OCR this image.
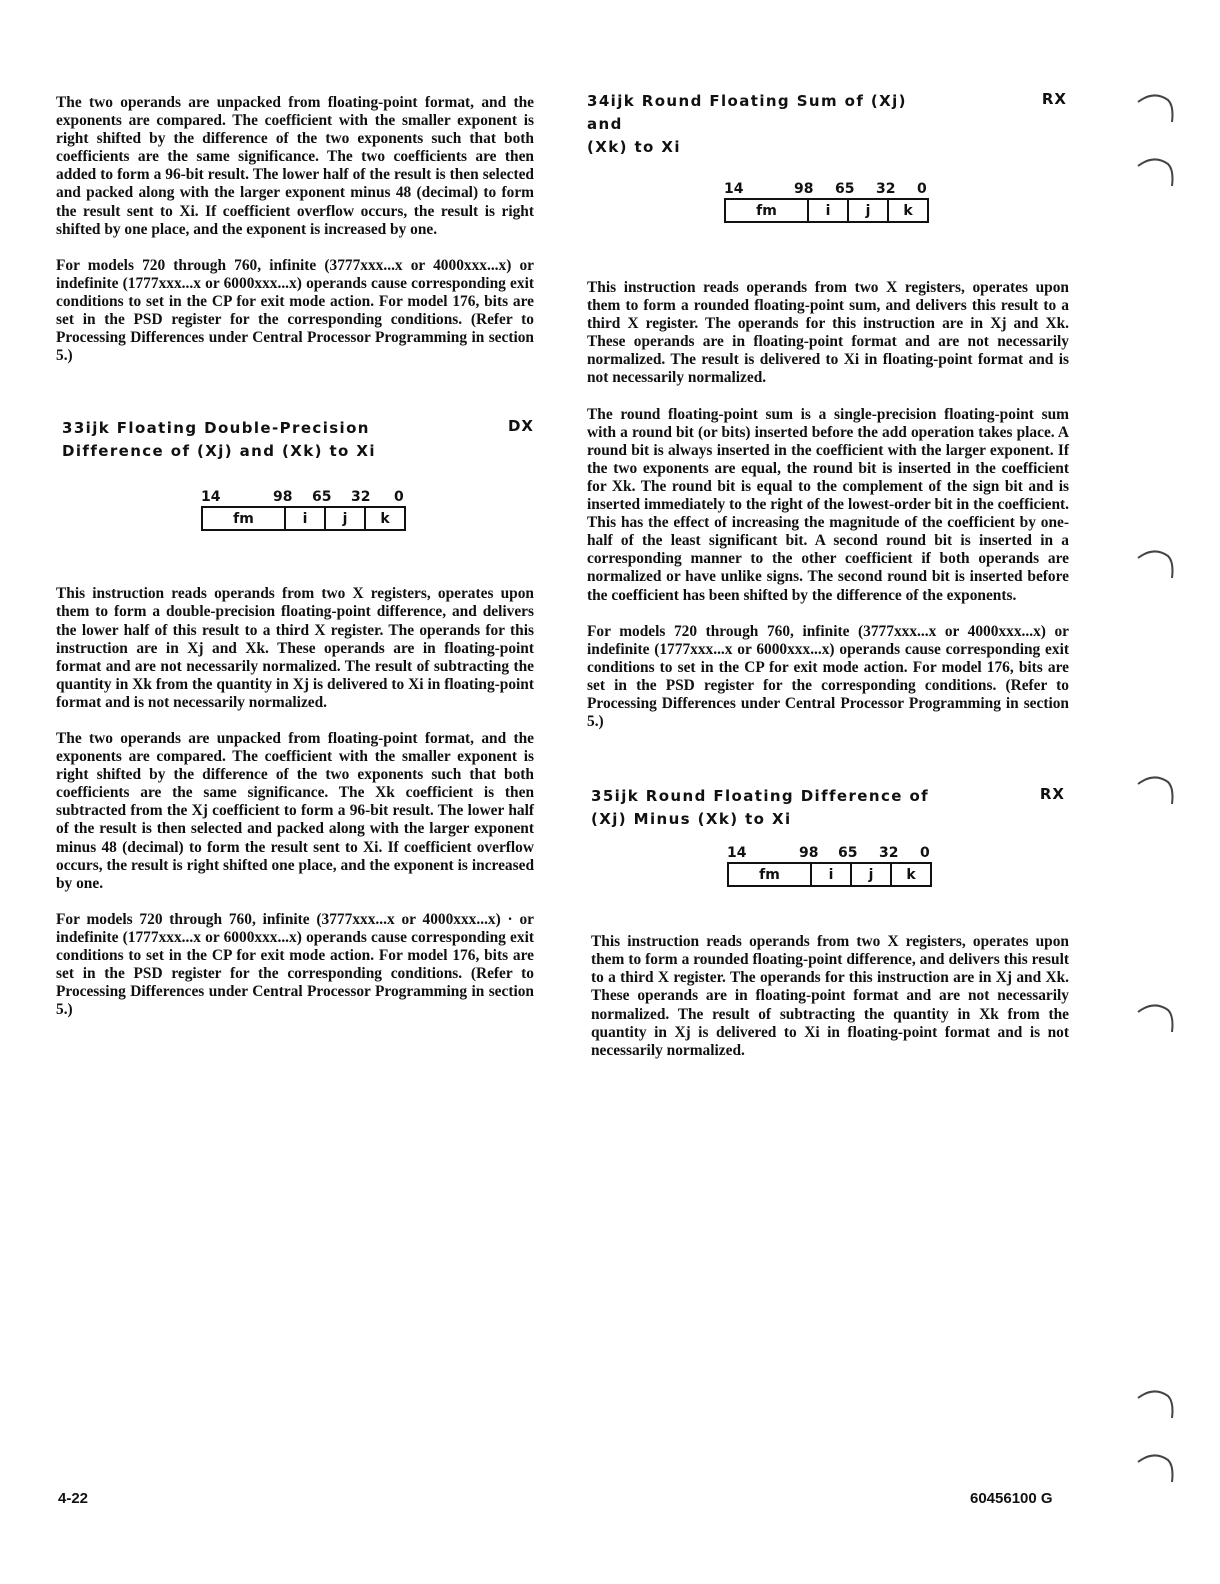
The two operands are unpacked from floating-point format, and the exponents are compared. The coefficient with the smaller exponent is right shifted by the difference of the two exponents such that both coefficients are the same significance. The two coefficients are then added to form a 96-bit result. The lower half of the result is then selected and packed along with the larger exponent minus 48 (decimal) to form the result sent to Xi. If coefficient overflow occurs, the result is right shifted by one place, and the exponent is increased by one.

For models 720 through 760, infinite (3777xxx...x or 4000xxx...x) or indefinite (1777xxx...x or 6000xxx...x) operands cause corresponding exit conditions to set in the CP for exit mode action. For model 176, bits are set in the PSD register for the corresponding conditions. (Refer to Processing Differences under Central Processor Programming in section 5.)

33ijk Floating Double-Precision
Difference of (Xj) and (Xk) to Xi
DX
14	98 65 32 0
fm	i	j	k

This instruction reads operands from two X registers, operates upon them to form a double-precision floating-point difference, and delivers the lower half of this result to a third X register. The operands for this instruction are in Xj and Xk. These operands are in floating-point format and are not necessarily normalized. The result of subtracting the quantity in Xk from the quantity in Xj is delivered to Xi in floating-point format and is not necessarily normalized.

The two operands are unpacked from floating-point format, and the exponents are compared. The coefficient with the smaller exponent is right shifted by the difference of the two exponents such that both coefficients are the same significance. The Xk coefficient is then subtracted from the Xj coefficient to form a 96-bit result. The lower half of the result is then selected and packed along with the larger exponent minus 48 (decimal) to form the result sent to Xi. If coefficient overflow occurs, the result is right shifted one place, and the exponent is increased by one.

For models 720 through 760, infinite (3777xxx...x or 4000xxx...x) · or indefinite (1777xxx...x or 6000xxx...x) operands cause corresponding exit conditions to set in the CP for exit mode action. For model 176, bits are set in the PSD register for the corresponding conditions. (Refer to Processing Differences under Central Processor Programming in section 5.)

34ijk Round Floating Sum of (Xj) and
(Xk) to Xi
RX
14	98 65 32 0
fm	i	j	k

This instruction reads operands from two X registers, operates upon them to form a rounded floating-point sum, and delivers this result to a third X register. The operands for this instruction are in Xj and Xk. These operands are in floating-point format and are not necessarily normalized. The result is delivered to Xi in floating-point format and is not necessarily normalized.

The round floating-point sum is a single-precision floating-point sum with a round bit (or bits) inserted before the add operation takes place. A round bit is always inserted in the coefficient with the larger exponent. If the two exponents are equal, the round bit is inserted in the coefficient for Xk. The round bit is equal to the complement of the sign bit and is inserted immediately to the right of the lowest-order bit in the coefficient. This has the effect of increasing the magnitude of the coefficient by one-half of the least significant bit. A second round bit is inserted in a corresponding manner to the other coefficient if both operands are normalized or have unlike signs. The second round bit is inserted before the coefficient has been shifted by the difference of the exponents.

For models 720 through 760, infinite (3777xxx...x or 4000xxx...x) or indefinite (1777xxx...x or 6000xxx...x) operands cause corresponding exit conditions to set in the CP for exit mode action. For model 176, bits are set in the PSD register for the corresponding conditions. (Refer to Processing Differences under Central Processor Programming in section 5.)

35ijk Round Floating Difference of
(Xj) Minus (Xk) to Xi
RX
14	98 65 32 0
fm	i	j	k

This instruction reads operands from two X registers, operates upon them to form a rounded floating-point difference, and delivers this result to a third X register. The operands for this instruction are in Xj and Xk. These operands are in floating-point format and are not necessarily normalized. The result of subtracting the quantity in Xk from the quantity in Xj is delivered to Xi in floating-point format and is not necessarily normalized.

4-22	60456100 G
